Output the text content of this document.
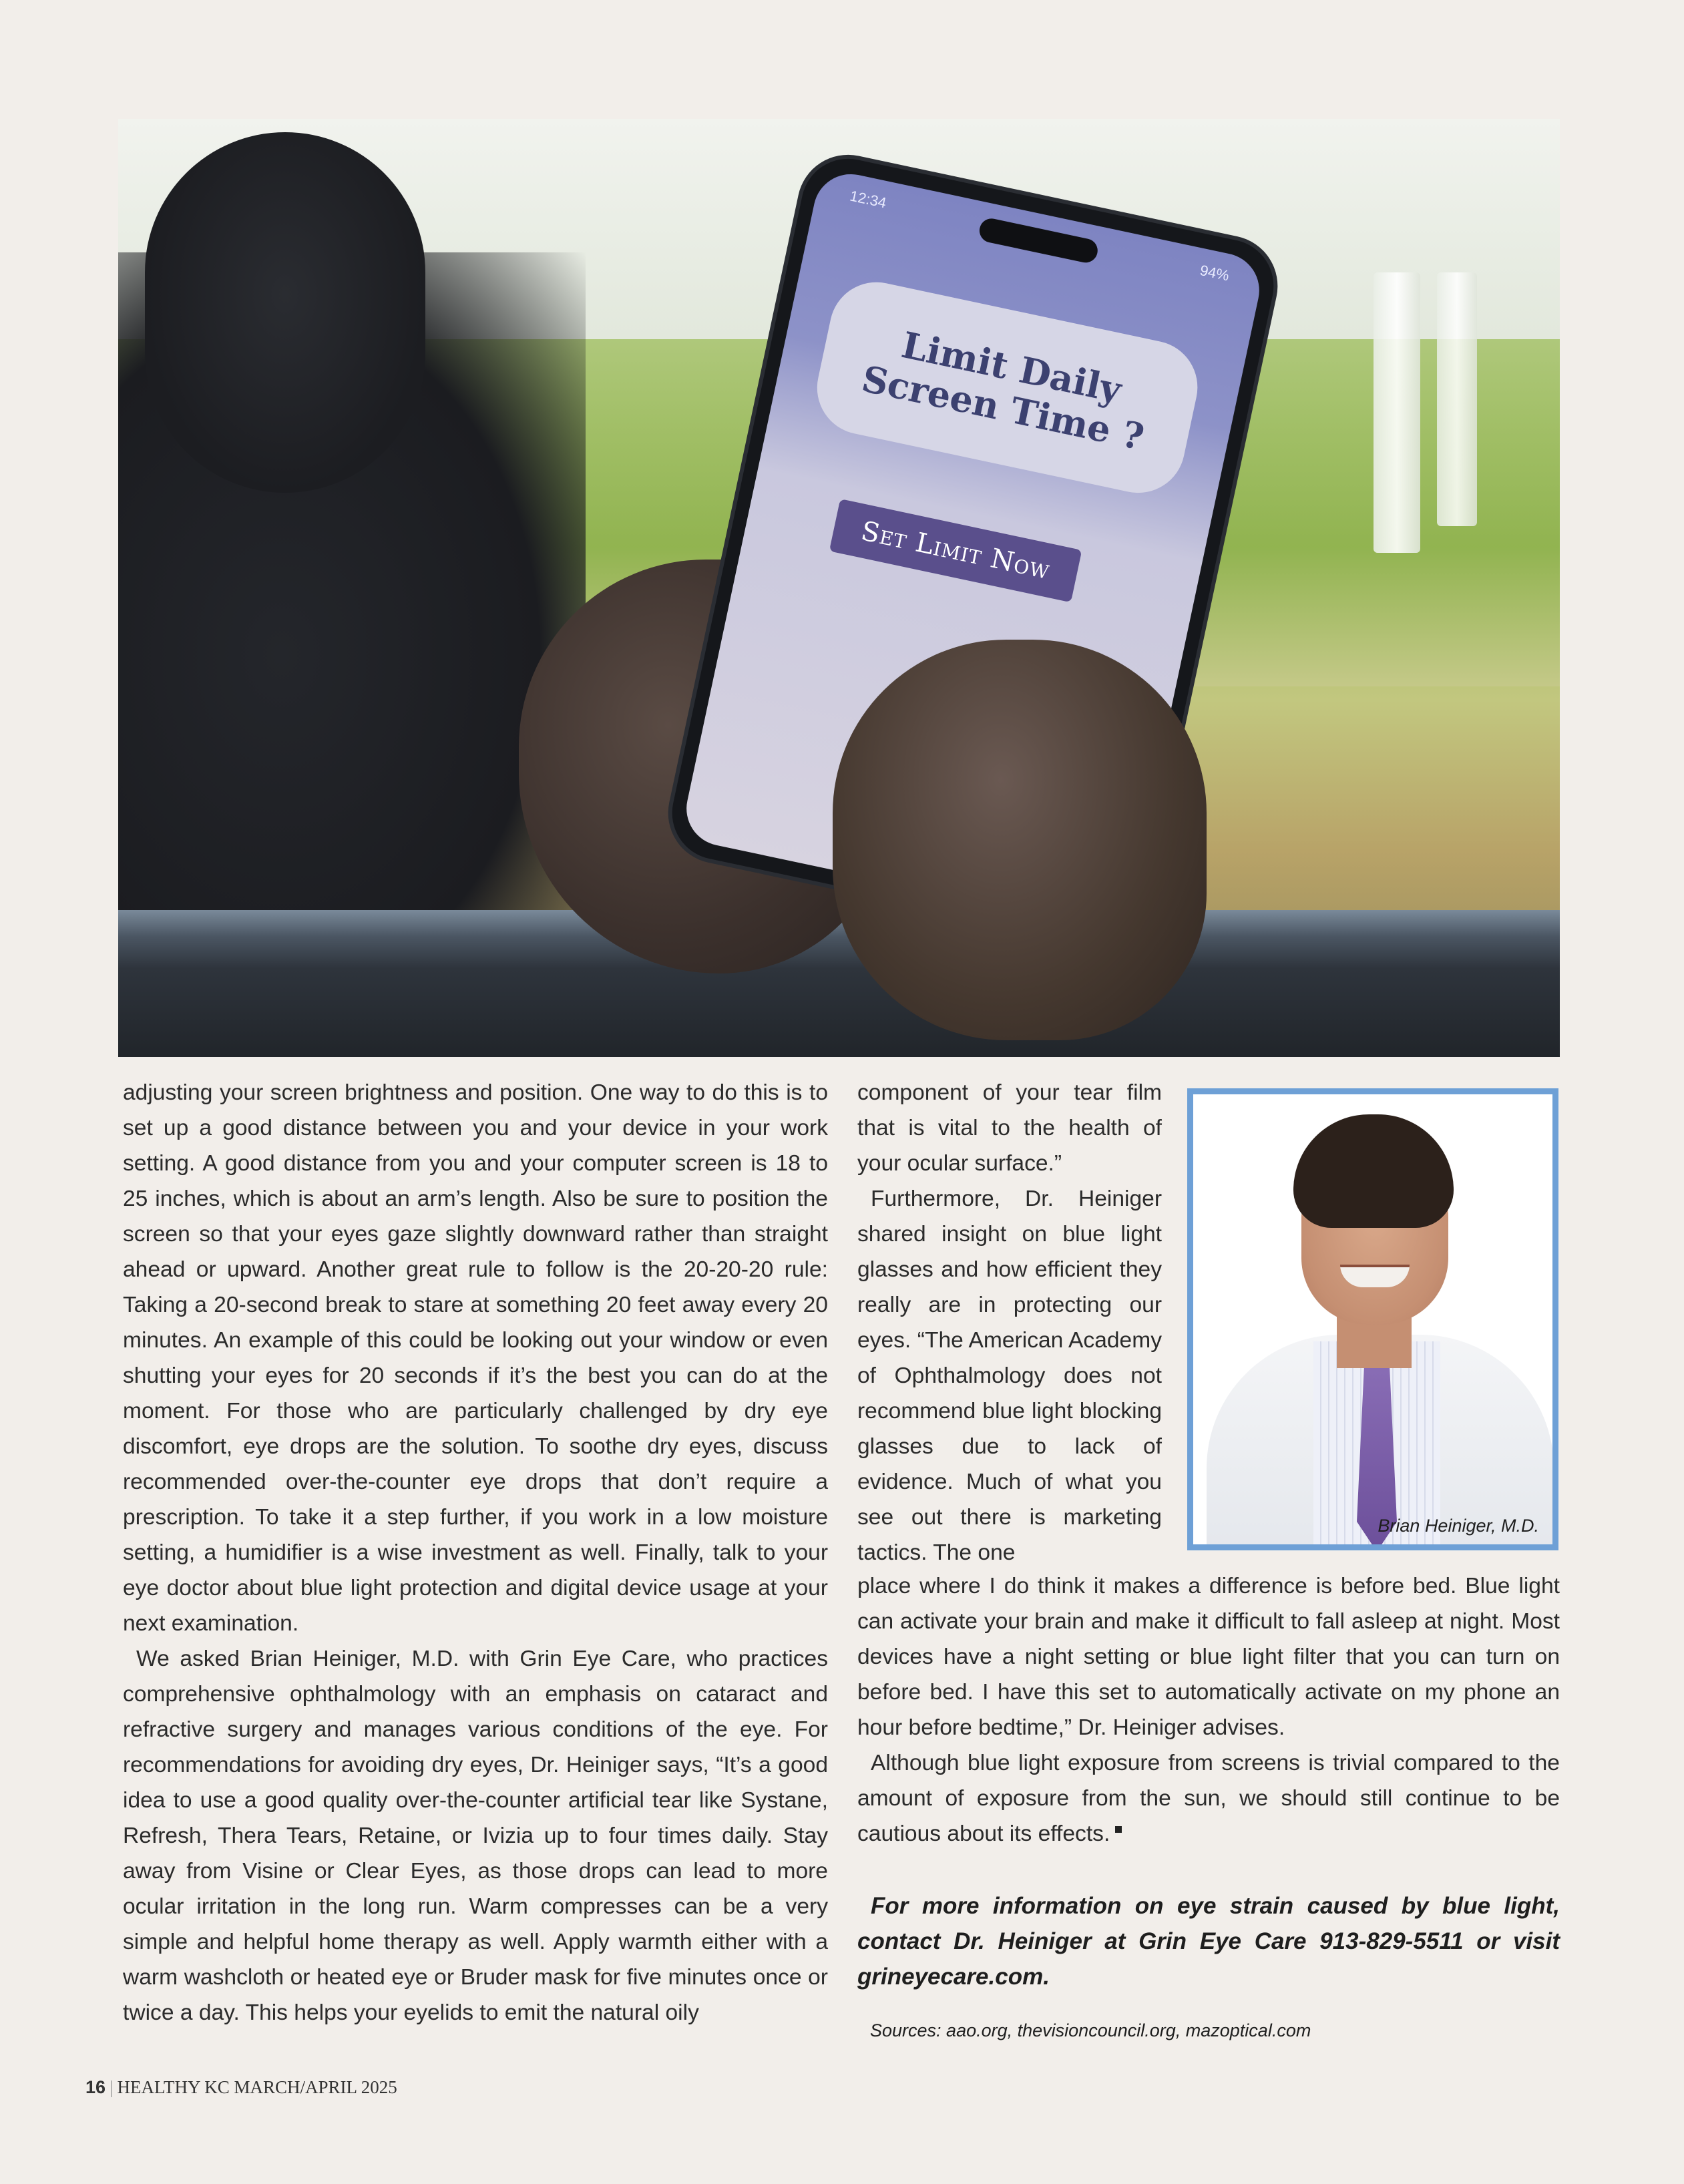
12:34
94%
Limit Daily
Screen Time ?
Set Limit Now

adjusting your screen brightness and position. One way to do this is to set up a good distance between you and your device in your work setting. A good distance from you and your computer screen is 18 to 25 inches, which is about an arm’s length. Also be sure to position the screen so that your eyes gaze slightly downward rather than straight ahead or upward. Another great rule to follow is the 20-20-20 rule: Taking a 20-second break to stare at something 20 feet away every 20 minutes. An example of this could be looking out your window or even shutting your eyes for 20 seconds if it’s the best you can do at the moment. For those who are particularly challenged by dry eye discomfort, eye drops are the solution. To soothe dry eyes, discuss recommended over-the-counter eye drops that don’t require a prescription. To take it a step further, if you work in a low moisture setting, a humidifier is a wise investment as well. Finally, talk to your eye doctor about blue light protection and digital device usage at your next examination.

We asked Brian Heiniger, M.D. with Grin Eye Care, who practices comprehensive ophthalmology with an emphasis on cataract and refractive surgery and manages various conditions of the eye. For recommendations for avoiding dry eyes, Dr. Heiniger says, “It’s a good idea to use a good quality over-the-counter artificial tear like Systane, Refresh, Thera Tears, Retaine, or Ivizia up to four times daily. Stay away from Visine or Clear Eyes, as those drops can lead to more ocular irritation in the long run. Warm compresses can be a very simple and helpful home therapy as well. Apply warmth either with a warm washcloth or heated eye or Bruder mask for five minutes once or twice a day. This helps your eyelids to emit the natural oily

component of your tear film that is vital to the health of your ocular surface.”

Furthermore, Dr. Heiniger shared insight on blue light glasses and how efficient they really are in protecting our eyes. “The American Academy of Ophthalmology does not recommend blue light blocking glasses due to lack of evidence. Much of what you see out there is marketing tactics. The one

Brian Heiniger, M.D.

place where I do think it makes a difference is before bed. Blue light can activate your brain and make it difficult to fall asleep at night. Most devices have a night setting or blue light filter that you can turn on before bed. I have this set to automatically activate on my phone an hour before bedtime,” Dr. Heiniger advises.

Although blue light exposure from screens is trivial compared to the amount of exposure from the sun, we should still continue to be cautious about its effects.

For more information on eye strain caused by blue light, contact Dr. Heiniger at Grin Eye Care 913-829-5511 or visit grineyecare.com.
Sources: aao.org, thevisioncouncil.org, mazoptical.com
16 | HEALTHY KC MARCH/APRIL 2025
